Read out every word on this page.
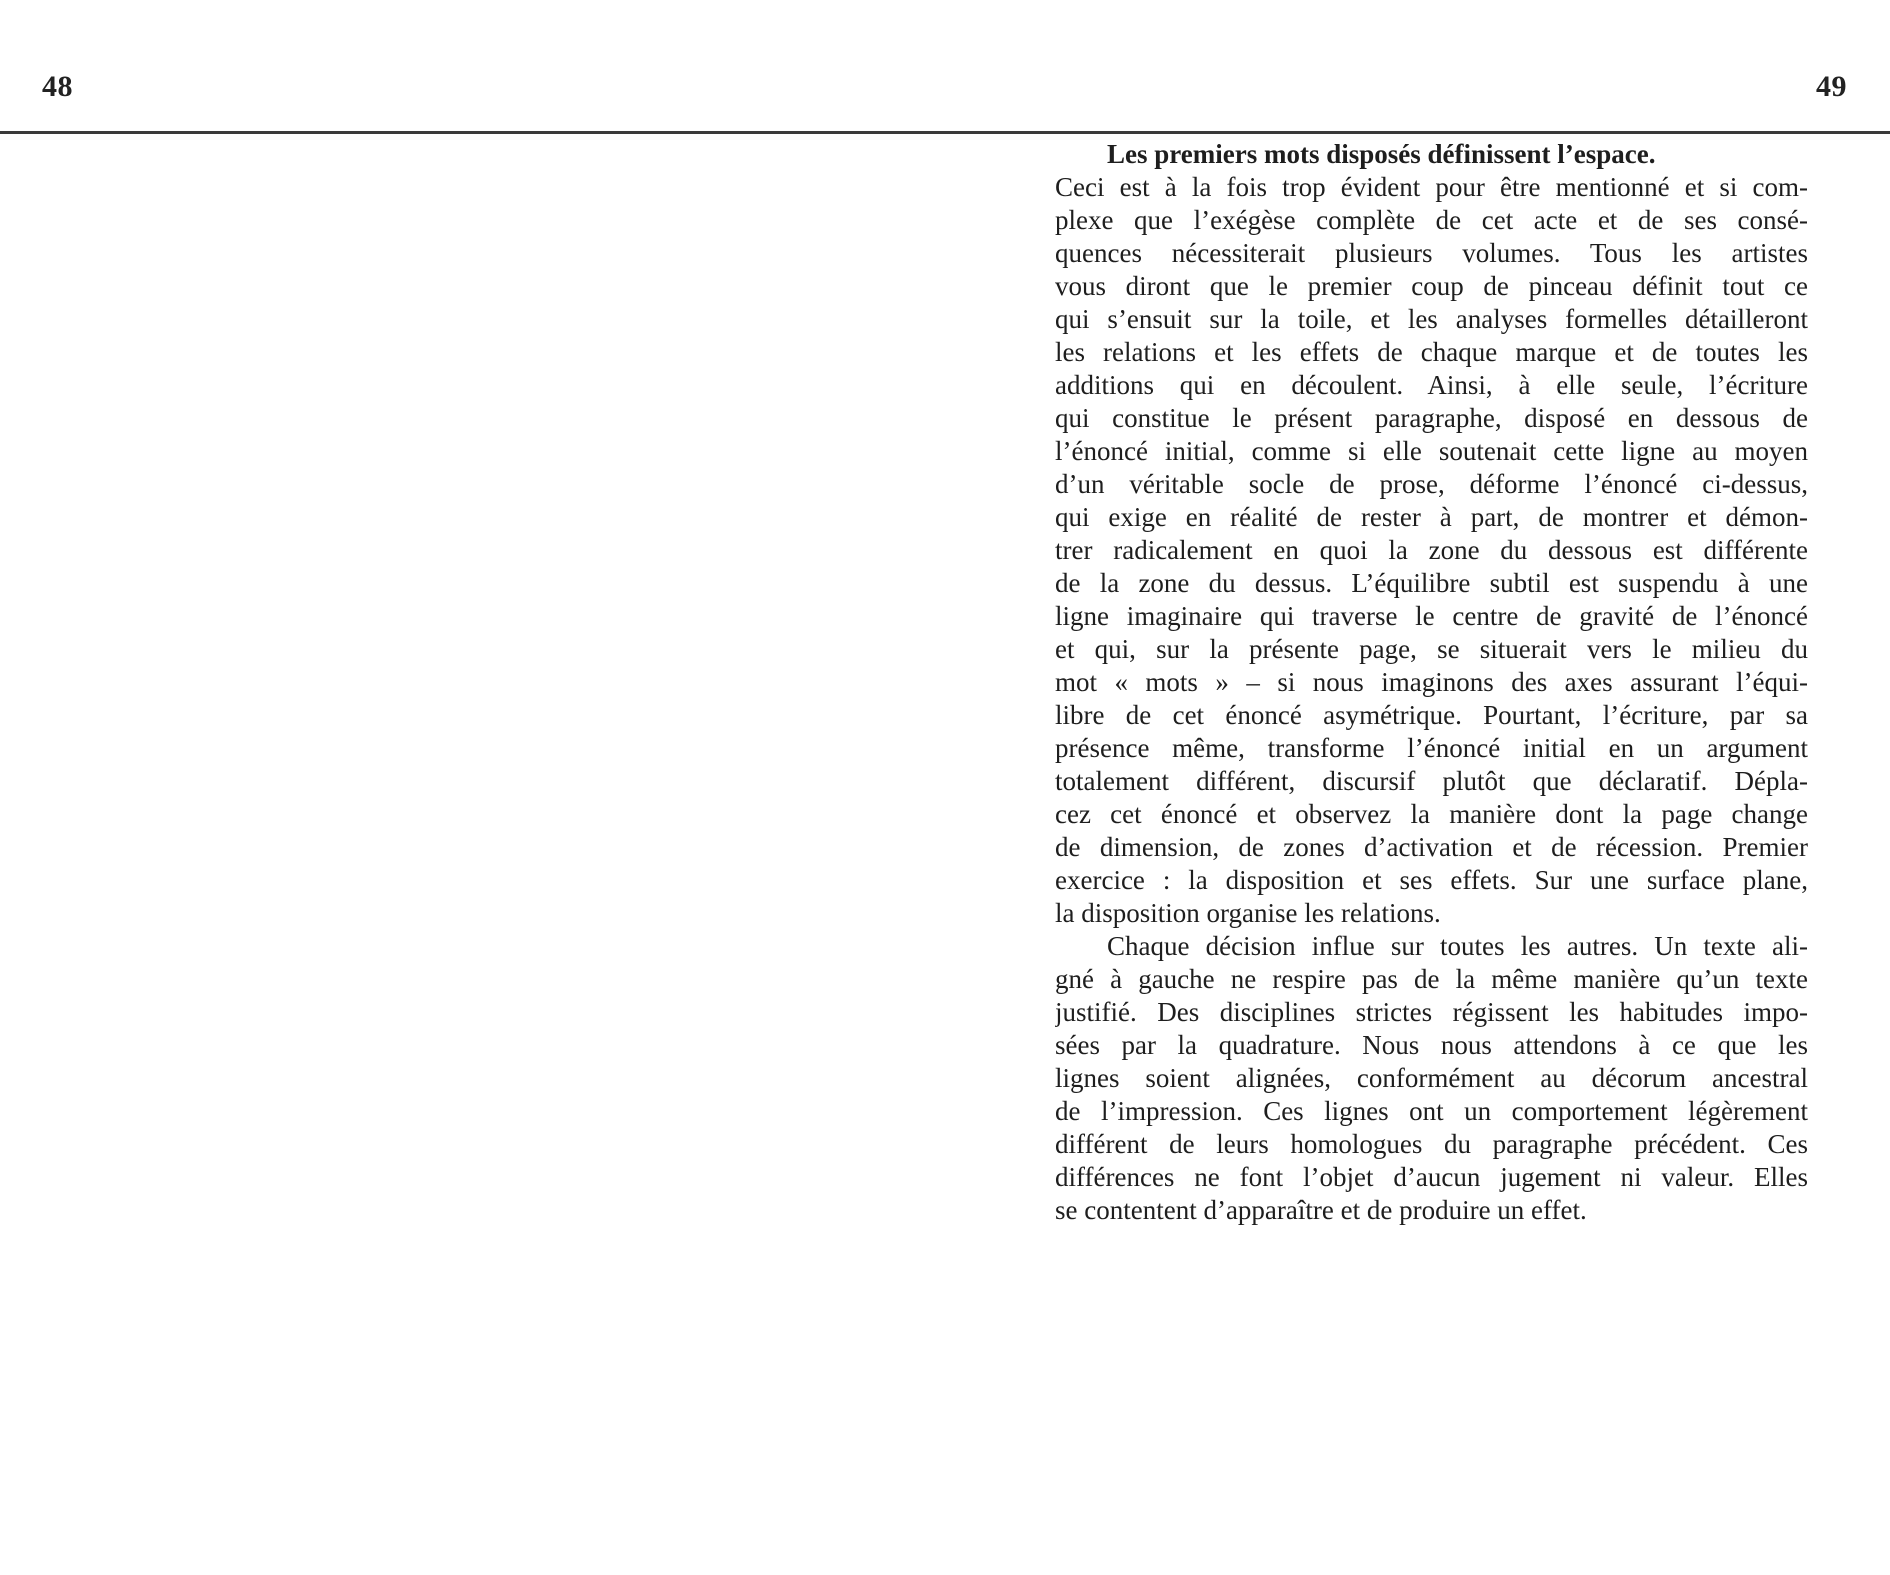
48	49
Les premiers mots disposés définissent l’espace.
Ceci est à la fois trop évident pour être mentionné et si com-
plexe que l’exégèse complète de cet acte et de ses consé-
quences nécessiterait plusieurs volumes. Tous les artistes
vous diront que le premier coup de pinceau définit tout ce
qui s’ensuit sur la toile, et les analyses formelles détailleront
les relations et les effets de chaque marque et de toutes les
additions qui en découlent. Ainsi, à elle seule, l’écriture
qui constitue le présent paragraphe, disposé en dessous de
l’énoncé initial, comme si elle soutenait cette ligne au moyen
d’un véritable socle de prose, déforme l’énoncé ci-dessus,
qui exige en réalité de rester à part, de montrer et démon-
trer radicalement en quoi la zone du dessous est différente
de la zone du dessus. L’équilibre subtil est suspendu à une
ligne imaginaire qui traverse le centre de gravité de l’énoncé
et qui, sur la présente page, se situerait vers le milieu du
mot « mots » – si nous imaginons des axes assurant l’équi-
libre de cet énoncé asymétrique. Pourtant, l’écriture, par sa
présence même, transforme l’énoncé initial en un argument
totalement différent, discursif plutôt que déclaratif. Dépla-
cez cet énoncé et observez la manière dont la page change
de dimension, de zones d’activation et de récession. Premier
exercice : la disposition et ses effets. Sur une surface plane,
la disposition organise les relations.
Chaque décision influe sur toutes les autres. Un texte ali-
gné à gauche ne respire pas de la même manière qu’un texte
justifié. Des disciplines strictes régissent les habitudes impo-
sées par la quadrature. Nous nous attendons à ce que les
lignes soient alignées, conformément au décorum ancestral
de l’impression. Ces lignes ont un comportement légèrement
différent de leurs homologues du paragraphe précédent. Ces
différences ne font l’objet d’aucun jugement ni valeur. Elles
se contentent d’apparaître et de produire un effet.
